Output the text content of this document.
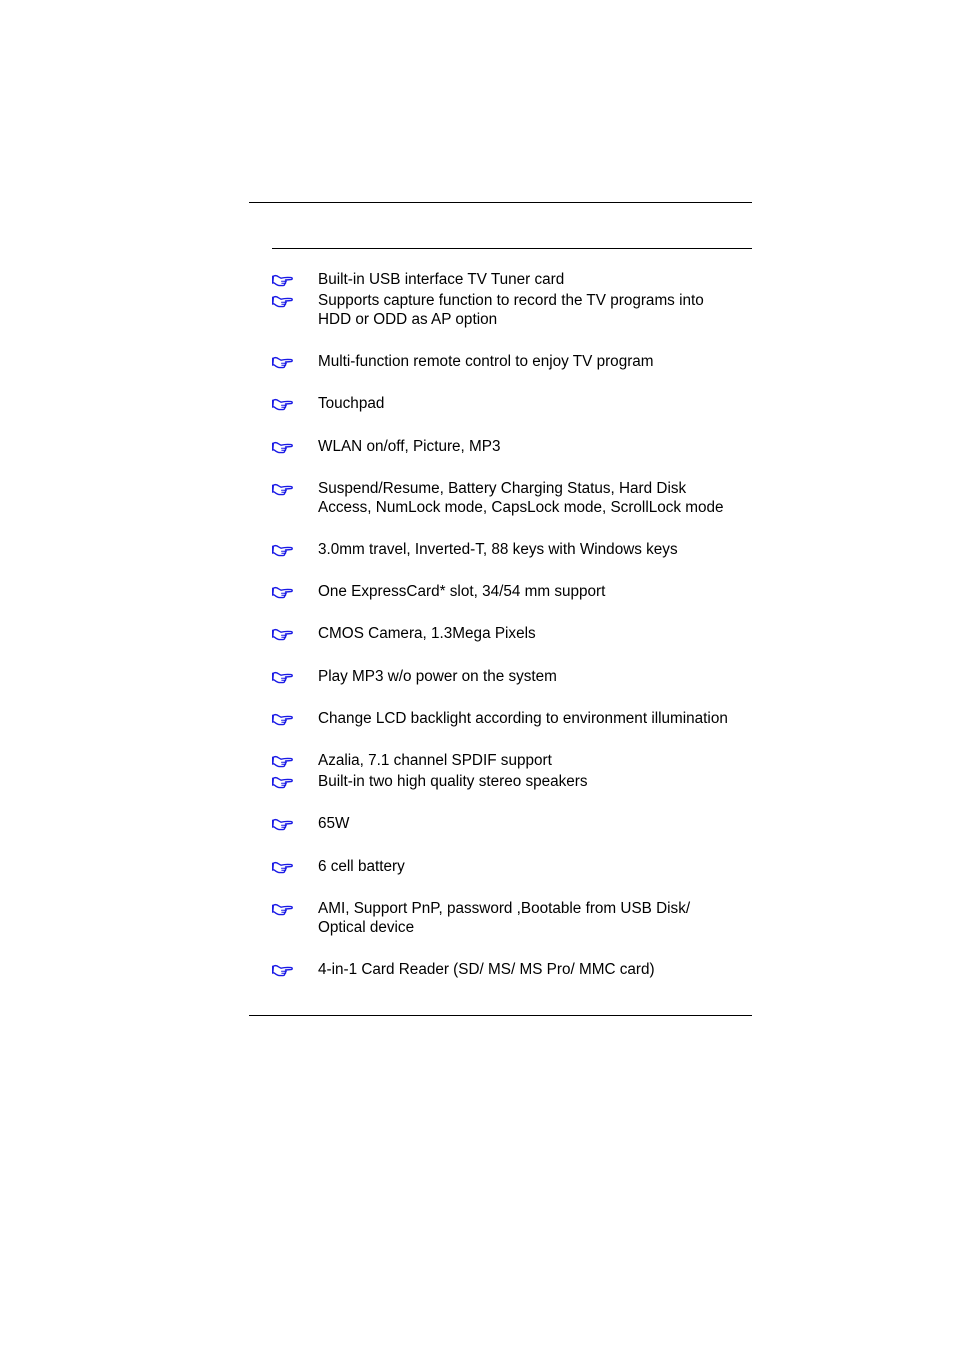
Built-in USB interface TV Tuner card
Supports capture function to record the TV programs into
HDD or ODD as AP option
Multi-function remote control to enjoy TV program
Touchpad
WLAN on/off, Picture, MP3
Suspend/Resume, Battery Charging Status, Hard Disk
Access, NumLock mode, CapsLock mode, ScrollLock mode
3.0mm travel, Inverted-T, 88 keys with Windows keys
One ExpressCard* slot, 34/54 mm support
CMOS Camera, 1.3Mega Pixels
Play MP3 w/o power on the system
Change LCD backlight according to environment illumination
Azalia, 7.1 channel SPDIF support
Built-in two high quality stereo speakers
65W
6 cell battery
AMI, Support PnP, password ,Bootable from USB Disk/
Optical device
4-in-1 Card Reader (SD/ MS/ MS Pro/ MMC card)
